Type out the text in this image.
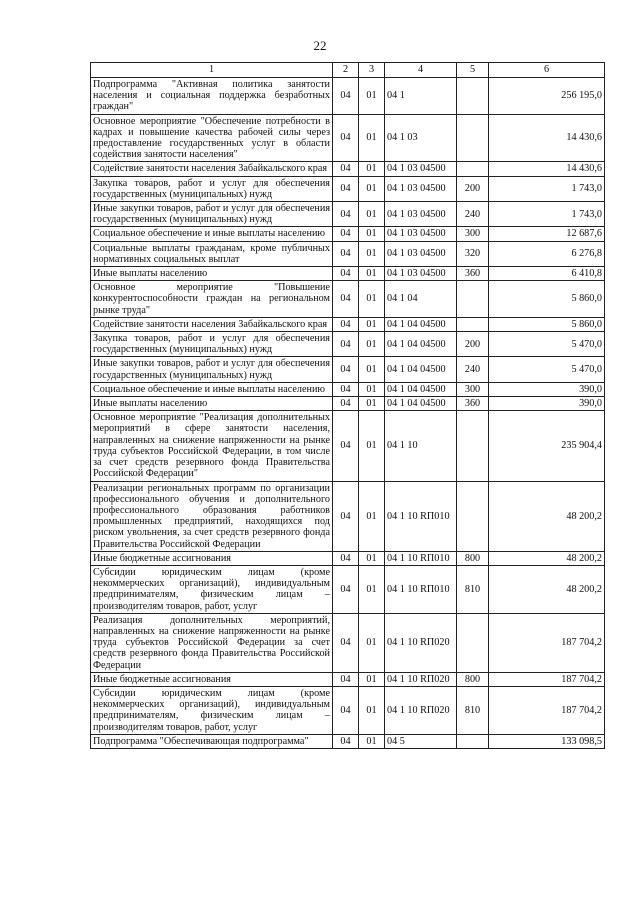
22
1	2	3	4	5	6
Подпрограмма "Активная политика занятости населения и социальная поддержка безработных граждан"	04	01	04 1		256 195,0
Основное мероприятие "Обеспечение потребности в кадрах и повышение качества рабочей силы через предоставление государственных услуг в области содействия занятости населения"	04	01	04 1 03		14 430,6
Содействие занятости населения Забайкальского края	04	01	04 1 03 04500		14 430,6
Закупка товаров, работ и услуг для обеспечения государственных (муниципальных) нужд	04	01	04 1 03 04500	200	1 743,0
Иные закупки товаров, работ и услуг для обеспечения государственных (муниципальных) нужд	04	01	04 1 03 04500	240	1 743,0
Социальное обеспечение и иные выплаты населению	04	01	04 1 03 04500	300	12 687,6
Социальные выплаты гражданам, кроме публичных нормативных социальных выплат	04	01	04 1 03 04500	320	6 276,8
Иные выплаты населению	04	01	04 1 03 04500	360	6 410,8
Основное мероприятие "Повышение конкурентоспособности граждан на региональном рынке труда"	04	01	04 1 04		5 860,0
Содействие занятости населения Забайкальского края	04	01	04 1 04 04500		5 860,0
Закупка товаров, работ и услуг для обеспечения государственных (муниципальных) нужд	04	01	04 1 04 04500	200	5 470,0
Иные закупки товаров, работ и услуг для обеспечения государственных (муниципальных) нужд	04	01	04 1 04 04500	240	5 470,0
Социальное обеспечение и иные выплаты населению	04	01	04 1 04 04500	300	390,0
Иные выплаты населению	04	01	04 1 04 04500	360	390,0
Основное мероприятие "Реализация дополнительных мероприятий в сфере занятости населения, направленных на снижение напряженности на рынке труда субъектов Российской Федерации, в том числе за счет средств резервного фонда Правительства Российской Федерации"	04	01	04 1 10		235 904,4
Реализации региональных программ по организации профессионального обучения и дополнительного профессионального образования работников промышленных предприятий, находящихся под риском увольнения, за счет средств резервного фонда Правительства Российской Федерации	04	01	04 1 10 RП010		48 200,2
Иные бюджетные ассигнования	04	01	04 1 10 RП010	800	48 200,2
Субсидии юридическим лицам (кроме некоммерческих организаций), индивидуальным предпринимателям, физическим лицам – производителям товаров, работ, услуг	04	01	04 1 10 RП010	810	48 200,2
Реализация дополнительных мероприятий, направленных на снижение напряженности на рынке труда субъектов Российской Федерации за счет средств резервного фонда Правительства Российской Федерации	04	01	04 1 10 RП020		187 704,2
Иные бюджетные ассигнования	04	01	04 1 10 RП020	800	187 704,2
Субсидии юридическим лицам (кроме некоммерческих организаций), индивидуальным предпринимателям, физическим лицам – производителям товаров, работ, услуг	04	01	04 1 10 RП020	810	187 704,2
Подпрограмма "Обеспечивающая подпрограмма"	04	01	04 5		133 098,5
